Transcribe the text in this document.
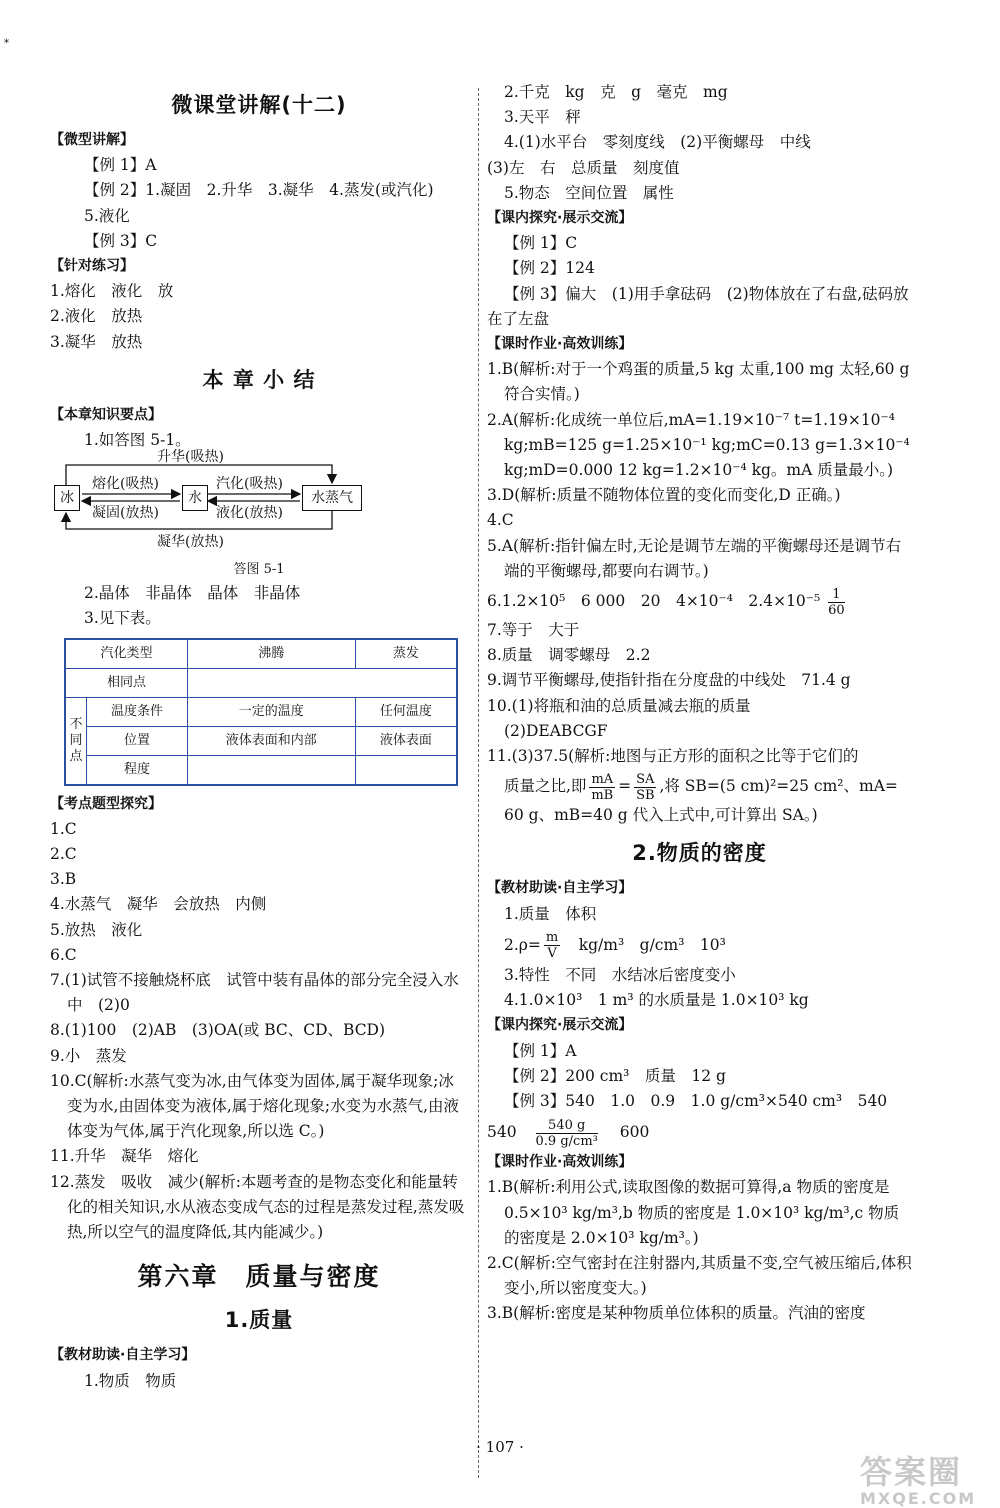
*
微课堂讲解(十二)
【微型讲解】
【例 1】A
【例 2】1.凝固　2.升华　3.凝华　4.蒸发(或汽化)
5.液化
【例 3】C
【针对练习】
1.熔化　液化　放
2.液化　放热
3.凝华　放热
本 章 小 结
【本章知识要点】
1.如答图 5-1。
冰	水	水蒸气
升华(吸热)
熔化(吸热)
凝固(放热)
汽化(吸热)
液化(放热)
凝华(放热)
答图 5-1
2.晶体　非晶体　晶体　非晶体
3.见下表。
汽化类型		沸腾	蒸发
相同点			
不同点	温度条件	一定的温度	任何温度
	位置	液体表面和内部	液体表面
	程度		
【考点题型探究】
1.C
2.C
3.B
4.水蒸气　凝华　会放热　内侧
5.放热　液化
6.C
7.(1)试管不接触烧杯底　试管中装有晶体的部分完全浸入水中　(2)0
8.(1)100　(2)AB　(3)OA(或 BC、CD、BCD)
9.小　蒸发
10.C(解析:水蒸气变为冰,由气体变为固体,属于凝华现象;冰变为水,由固体变为液体,属于熔化现象;水变为水蒸气,由液体变为气体,属于汽化现象,所以选 C。)
11.升华　凝华　熔化
12.蒸发　吸收　减少(解析:本题考查的是物态变化和能量转化的相关知识,水从液态变成气态的过程是蒸发过程,蒸发吸热,所以空气的温度降低,其内能减少。)
第六章　质量与密度
1.质量
【教材助读·自主学习】
1.物质　物质
2.千克　kg　克　g　毫克　mg
3.天平　秤
4.(1)水平台　零刻度线　(2)平衡螺母　中线
(3)左　右　总质量　刻度值
5.物态　空间位置　属性
【课内探究·展示交流】
【例 1】C
【例 2】124
【例 3】偏大　(1)用手拿砝码　(2)物体放在了右盘,砝码放在了左盘
【课时作业·高效训练】
1.B(解析:对于一个鸡蛋的质量,5 kg 太重,100 mg 太轻,60 g 符合实情。)
2.A(解析:化成统一单位后,mA=1.19×10⁻⁷ t=1.19×10⁻⁴ kg;mB=125 g=1.25×10⁻¹ kg;mC=0.13 g=1.3×10⁻⁴ kg;mD=0.000 12 kg=1.2×10⁻⁴ kg。mA 质量最小。)
3.D(解析:质量不随物体位置的变化而变化,D 正确。)
4.C
5.A(解析:指针偏左时,无论是调节左端的平衡螺母还是调节右端的平衡螺母,都要向右调节。)
6.1.2×10⁵　6 000　20　4×10⁻⁴　$2.4\times 10^{-5} \frac{1}{60}$
7.等于　大于
8.质量　调零螺母　2.2
9.调节平衡螺母,使指针指在分度盘的中线处　71.4 g
10.(1)将瓶和油的总质量减去瓶的质量
(2)DEABCGF
11.(3)37.5(解析:地图与正方形的面积之比等于它们的
质量之比,即 $\frac{mA}{mB} = \frac{SA}{SB}$ ,将 SB=(5 cm)²=25 cm²、mA=
60 g、mB=40 g 代入上式中,可计算出 SA。)
2.物质的密度
【教材助读·自主学习】
1.质量　体积
$2.\rho= \frac{m}{V}$ 　kg/m³　g/cm³　10³
3.特性　不同　水结冰后密度变小
4.1.0×10³　1 m³ 的水质量是 1.0×10³ kg
【课内探究·展示交流】
【例 1】A
【例 2】200 cm³　质量　12 g
【例 3】540　1.0　0.9　1.0 g/cm³×540 cm³　540
$540 \frac{540 g}{\text{0.9 g/cm³}} 600$
【课时作业·高效训练】
1.B(解析:利用公式,读取图像的数据可算得,a 物质的密度是 0.5×10³ kg/m³,b 物质的密度是 1.0×10³ kg/m³,c 物质的密度是 2.0×10³ kg/m³。)
2.C(解析:空气密封在注射器内,其质量不变,空气被压缩后,体积变小,所以密度变大。)
3.B(解析:密度是某种物质单位体积的质量。汽油的密度
· 107 ·
答案圈
MXQE.COM
